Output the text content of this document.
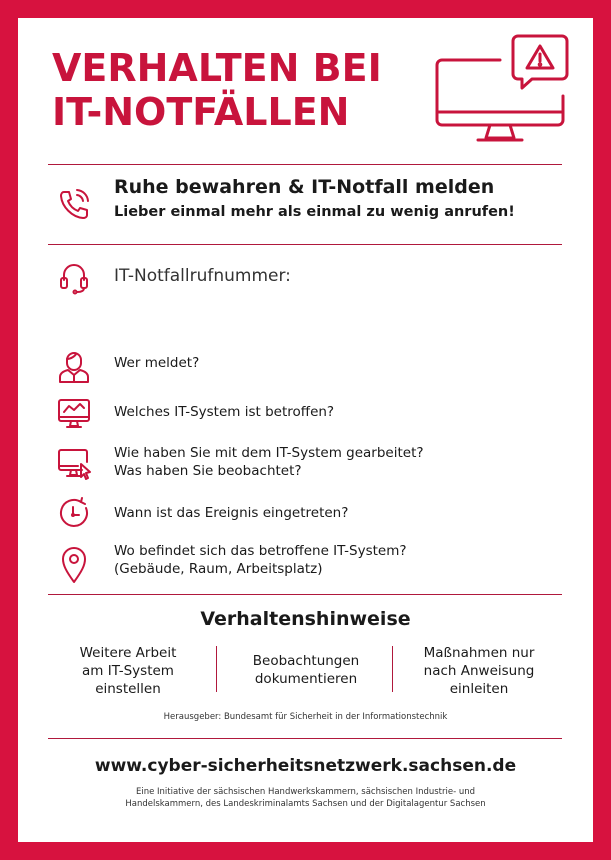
VERHALTEN BEI
IT-NOTFÄLLEN
Ruhe bewahren & IT-Notfall melden
Lieber einmal mehr als einmal zu wenig anrufen!
IT-Notfallrufnummer:
Wer meldet?
Welches IT-System ist betroffen?
Wie haben Sie mit dem IT-System gearbeitet?
Was haben Sie beobachtet?
Wann ist das Ereignis eingetreten?
Wo befindet sich das betroffene IT-System?
(Gebäude, Raum, Arbeitsplatz)
Verhaltenshinweise
Weitere Arbeit
am IT-System
einstellen
Beobachtungen
dokumentieren
Maßnahmen nur
nach Anweisung
einleiten
Herausgeber: Bundesamt für Sicherheit in der Informationstechnik
www.cyber-sicherheitsnetzwerk.sachsen.de
Eine Initiative der sächsischen Handwerkskammern, sächsischen Industrie- und
Handelskammern, des Landeskriminalamts Sachsen und der Digitalagentur Sachsen
